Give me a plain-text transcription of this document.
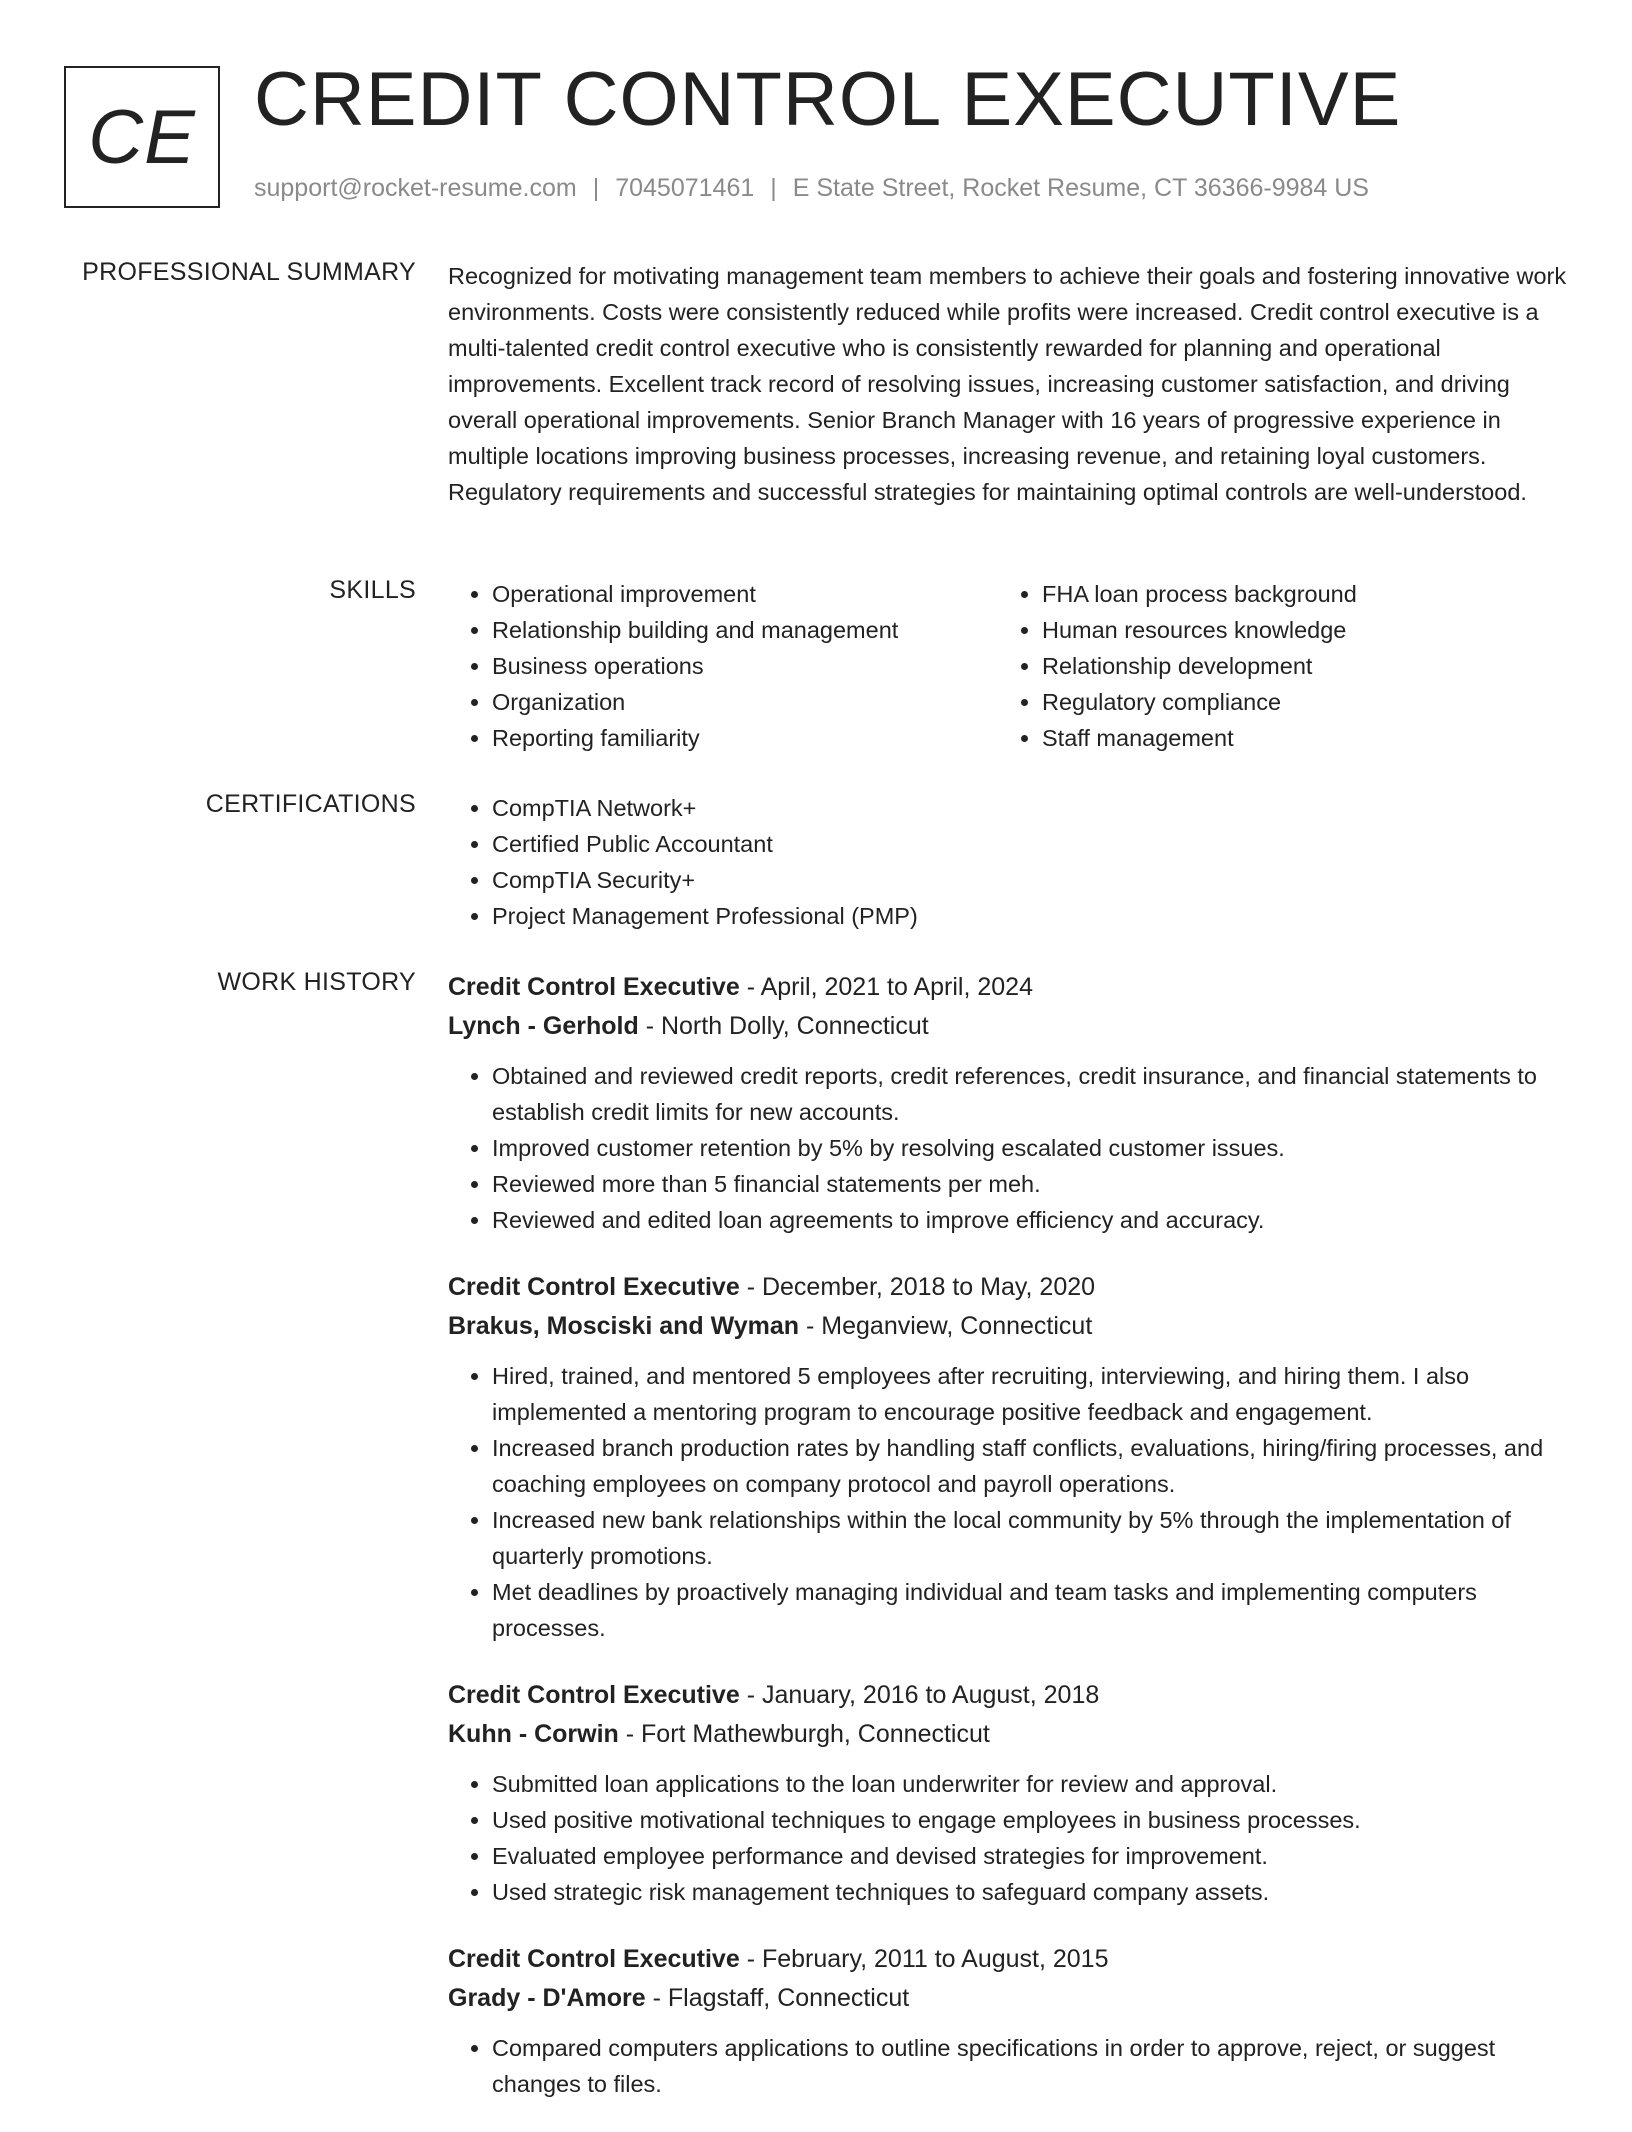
CE CREDIT CONTROL EXECUTIVE
support@rocket-resume.com | 7045071461 | E State Street, Rocket Resume, CT 36366-9984 US
PROFESSIONAL SUMMARY Recognized for motivating management team members to achieve their goals and fostering innovative work environments. Costs were consistently reduced while profits were increased. Credit control executive is a multi-talented credit control executive who is consistently rewarded for planning and operational improvements. Excellent track record of resolving issues, increasing customer satisfaction, and driving overall operational improvements. Senior Branch Manager with 16 years of progressive experience in multiple locations improving business processes, increasing revenue, and retaining loyal customers. Regulatory requirements and successful strategies for maintaining optimal controls are well-understood.

SKILLS	• Operational improvement
• Relationship building and management
• Business operations
• Organization
• Reporting familiarity
• FHA loan process background
• Human resources knowledge
• Relationship development
• Regulatory compliance
• Staff management
CERTIFICATIONS	• CompTIA Network+
• Certified Public Accountant
• CompTIA Security+
• Project Management Professional (PMP)
WORK HISTORY Credit Control Executive - April, 2021 to April, 2024
Lynch - Gerhold - North Dolly, Connecticut
• Obtained and reviewed credit reports, credit references, credit insurance, and financial statements to establish credit limits for new accounts.
• Improved customer retention by 5% by resolving escalated customer issues.
• Reviewed more than 5 financial statements per meh.
• Reviewed and edited loan agreements to improve efficiency and accuracy.
Credit Control Executive - December, 2018 to May, 2020
Brakus, Mosciski and Wyman - Meganview, Connecticut
• Hired, trained, and mentored 5 employees after recruiting, interviewing, and hiring them. I also implemented a mentoring program to encourage positive feedback and engagement.
• Increased branch production rates by handling staff conflicts, evaluations, hiring/firing processes, and coaching employees on company protocol and payroll operations.
• Increased new bank relationships within the local community by 5% through the implementation of quarterly promotions.
• Met deadlines by proactively managing individual and team tasks and implementing computers processes.
Credit Control Executive - January, 2016 to August, 2018
Kuhn - Corwin - Fort Mathewburgh, Connecticut
• Submitted loan applications to the loan underwriter for review and approval.
• Used positive motivational techniques to engage employees in business processes.
• Evaluated employee performance and devised strategies for improvement.
• Used strategic risk management techniques to safeguard company assets.
Credit Control Executive - February, 2011 to August, 2015
Grady - D'Amore - Flagstaff, Connecticut
• Compared computers applications to outline specifications in order to approve, reject, or suggest changes to files.
